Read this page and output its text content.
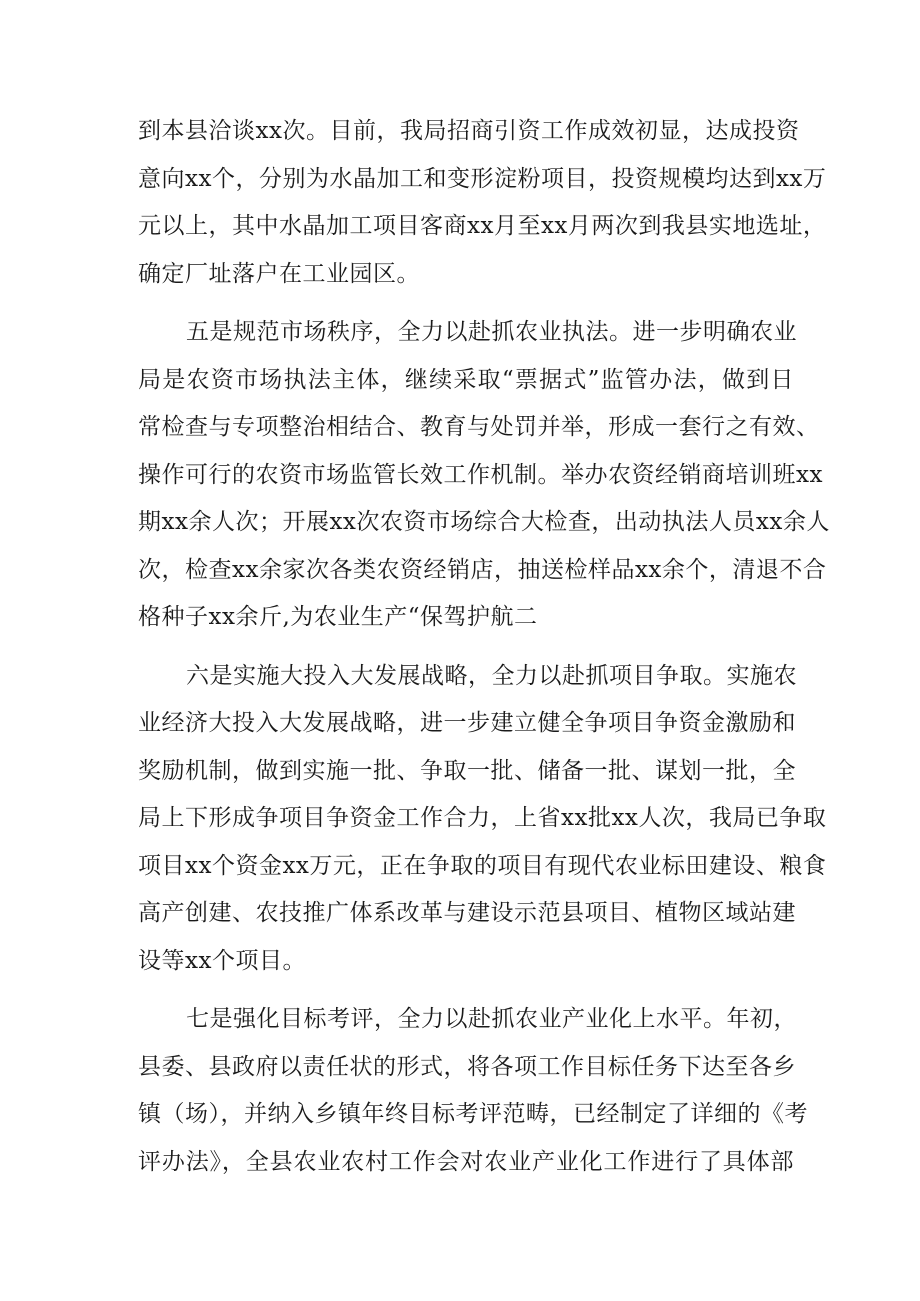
到本县洽谈xx次。目前，我局招商引资工作成效初显，达成投资
意向xx个，分别为水晶加工和变形淀粉项目，投资规模均达到xx万
元以上，其中水晶加工项目客商xx月至xx月两次到我县实地选址，
确定厂址落户在工业园区。
五是规范市场秩序，全力以赴抓农业执法。进一步明确农业
局是农资市场执法主体，继续采取“票据式”监管办法，做到日
常检查与专项整治相结合、教育与处罚并举，形成一套行之有效、
操作可行的农资市场监管长效工作机制。举办农资经销商培训班xx
期xx余人次；开展xx次农资市场综合大检查，出动执法人员xx余人
次，检查xx余家次各类农资经销店，抽送检样品xx余个，清退不合
格种子xx余斤,为农业生产“保驾护航二
六是实施大投入大发展战略，全力以赴抓项目争取。实施农
业经济大投入大发展战略，进一步建立健全争项目争资金激励和
奖励机制，做到实施一批、争取一批、储备一批、谋划一批，全
局上下形成争项目争资金工作合力，上省xx批xx人次，我局已争取
项目xx个资金xx万元，正在争取的项目有现代农业标田建设、粮食
高产创建、农技推广体系改革与建设示范县项目、植物区域站建
设等xx个项目。
七是强化目标考评，全力以赴抓农业产业化上水平。年初，
县委、县政府以责任状的形式，将各项工作目标任务下达至各乡
镇（场），并纳入乡镇年终目标考评范畴，已经制定了详细的《考
评办法》，全县农业农村工作会对农业产业化工作进行了具体部
